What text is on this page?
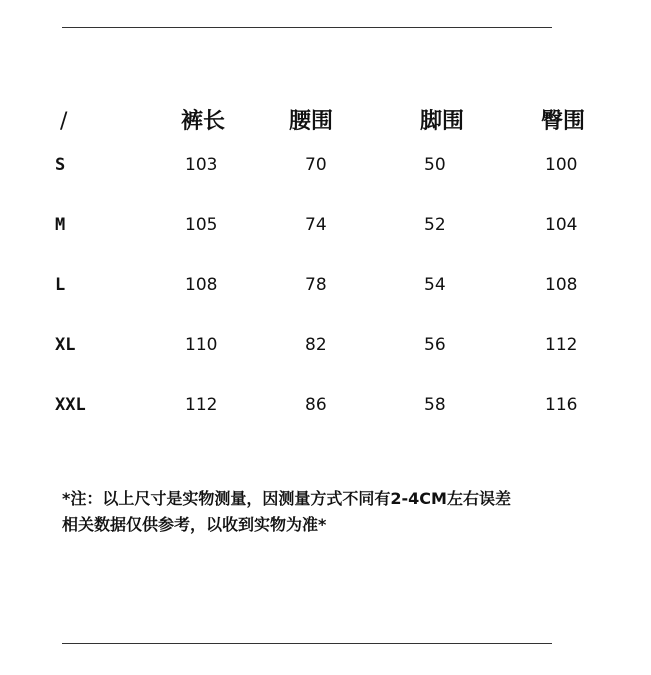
/	裤长	腰围	脚围	臀围
S	103	70	50	100
M	105	74	52	104
L	108	78	54	108
XL	110	82	56	112
XXL	112	86	58	116
*注：以上尺寸是实物测量，因测量方式不同有2-4CM左右误差
相关数据仅供参考，以收到实物为准*
